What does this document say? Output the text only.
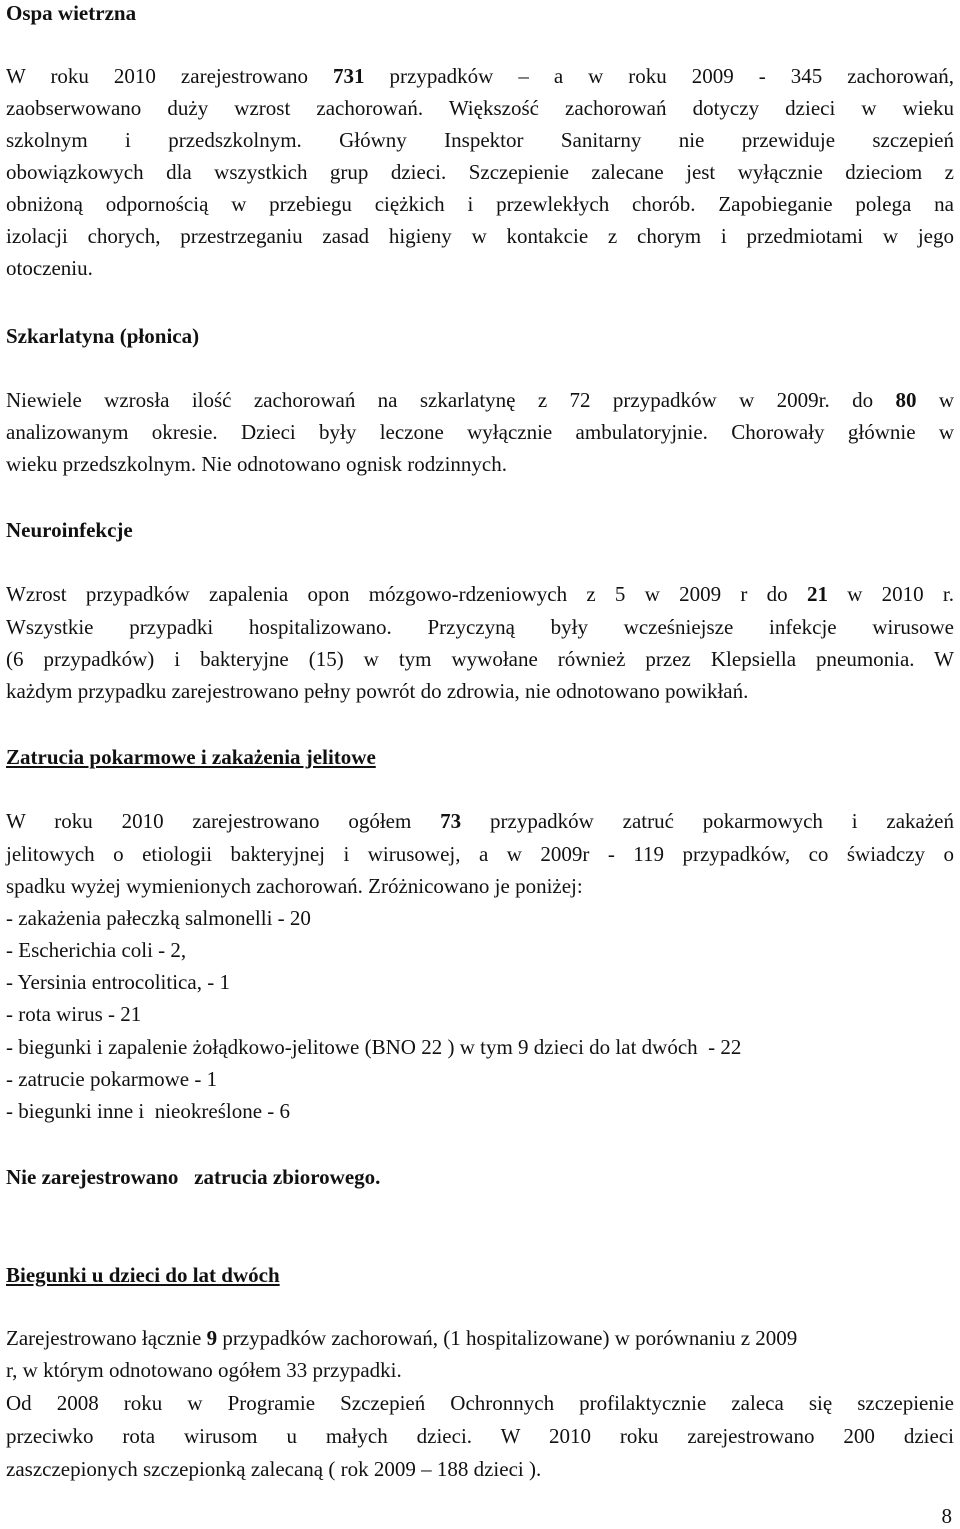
Ospa wietrzna
W roku 2010 zarejestrowano 731 przypadków – a w roku 2009 - 345 zachorowań,
zaobserwowano duży wzrost zachorowań. Większość zachorowań dotyczy dzieci w wieku
szkolnym i przedszkolnym. Główny Inspektor Sanitarny nie przewiduje szczepień
obowiązkowych dla wszystkich grup dzieci. Szczepienie zalecane jest wyłącznie dzieciom z
obniżoną odpornością w przebiegu ciężkich i przewlekłych chorób. Zapobieganie polega na
izolacji chorych, przestrzeganiu zasad higieny w kontakcie z chorym i przedmiotami w jego
otoczeniu.
Szkarlatyna (płonica)
Niewiele wzrosła ilość zachorowań na szkarlatynę z 72 przypadków w 2009r. do 80 w
analizowanym okresie. Dzieci były leczone wyłącznie ambulatoryjnie. Chorowały głównie w
wieku przedszkolnym. Nie odnotowano ognisk rodzinnych.
Neuroinfekcje
Wzrost przypadków zapalenia opon mózgowo-rdzeniowych z 5 w 2009 r do 21 w 2010 r.
Wszystkie przypadki hospitalizowano. Przyczyną były wcześniejsze infekcje wirusowe
(6 przypadków) i bakteryjne (15) w tym wywołane również przez Klepsiella pneumonia. W
każdym przypadku zarejestrowano pełny powrót do zdrowia, nie odnotowano powikłań.
Zatrucia pokarmowe i zakażenia jelitowe
W roku 2010 zarejestrowano ogółem 73 przypadków zatruć pokarmowych i zakażeń
jelitowych o etiologii bakteryjnej i wirusowej, a w 2009r - 119 przypadków, co świadczy o
spadku wyżej wymienionych zachorowań. Zróżnicowano je poniżej:
- zakażenia pałeczką salmonelli - 20
- Escherichia coli - 2,
- Yersinia entrocolitica, - 1
- rota wirus - 21
- biegunki i zapalenie żołądkowo-jelitowe (BNO 22 ) w tym 9 dzieci do lat dwóch  - 22
- zatrucie pokarmowe - 1
- biegunki inne i  nieokreślone - 6
Nie zarejestrowano   zatrucia zbiorowego.
Biegunki u dzieci do lat dwóch
Zarejestrowano łącznie 9 przypadków zachorowań, (1 hospitalizowane) w porównaniu z 2009
r, w którym odnotowano ogółem 33 przypadki.
Od 2008 roku w Programie Szczepień Ochronnych profilaktycznie zaleca się szczepienie
przeciwko rota wirusom u małych dzieci. W 2010 roku zarejestrowano 200 dzieci
zaszczepionych szczepionką zalecaną ( rok 2009 – 188 dzieci ).
8
